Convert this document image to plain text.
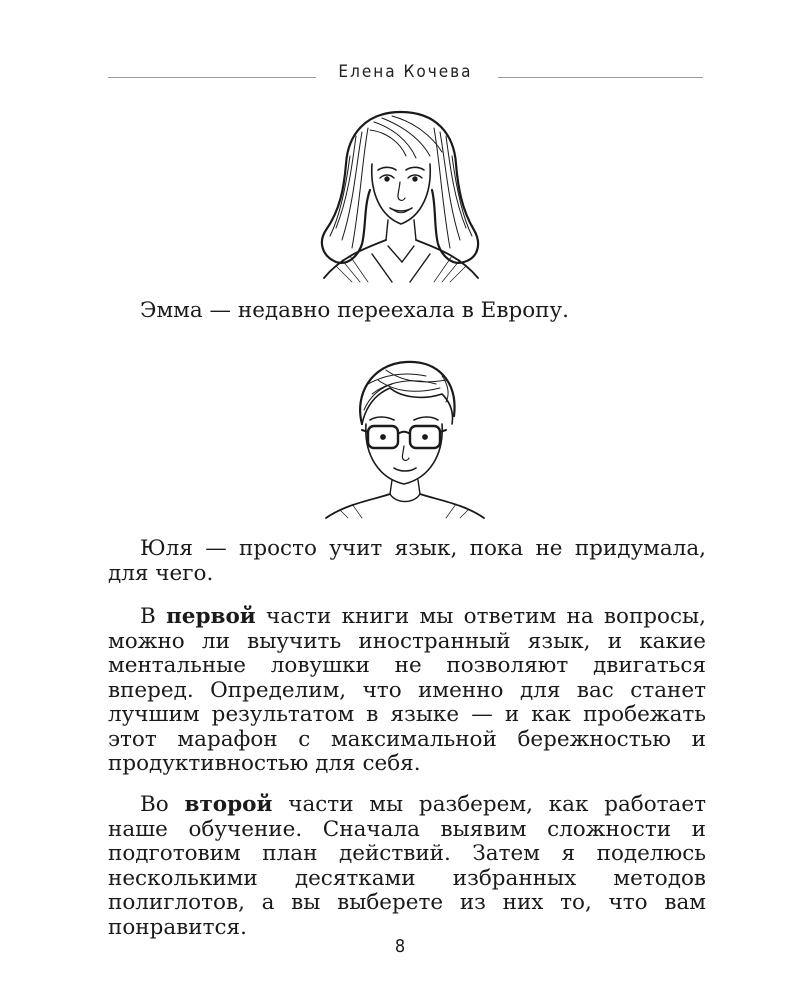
Елена Кочева
Эмма — недавно переехала в Европу.
Юля — просто учит язык, пока не придумала, для чего.

В первой части книги мы ответим на вопросы, можно ли выучить иностранный язык, и какие ментальные ловушки не позволяют двигаться вперед. Определим, что именно для вас станет лучшим результатом в языке — и как пробежать этот марафон с максимальной бережностью и продуктивностью для себя.

Во второй части мы разберем, как работает наше обучение. Сначала выявим сложности и подготовим план действий. Затем я поделюсь несколькими десятками избранных методов полиглотов, а вы выберете из них то, что вам понравится.

8
